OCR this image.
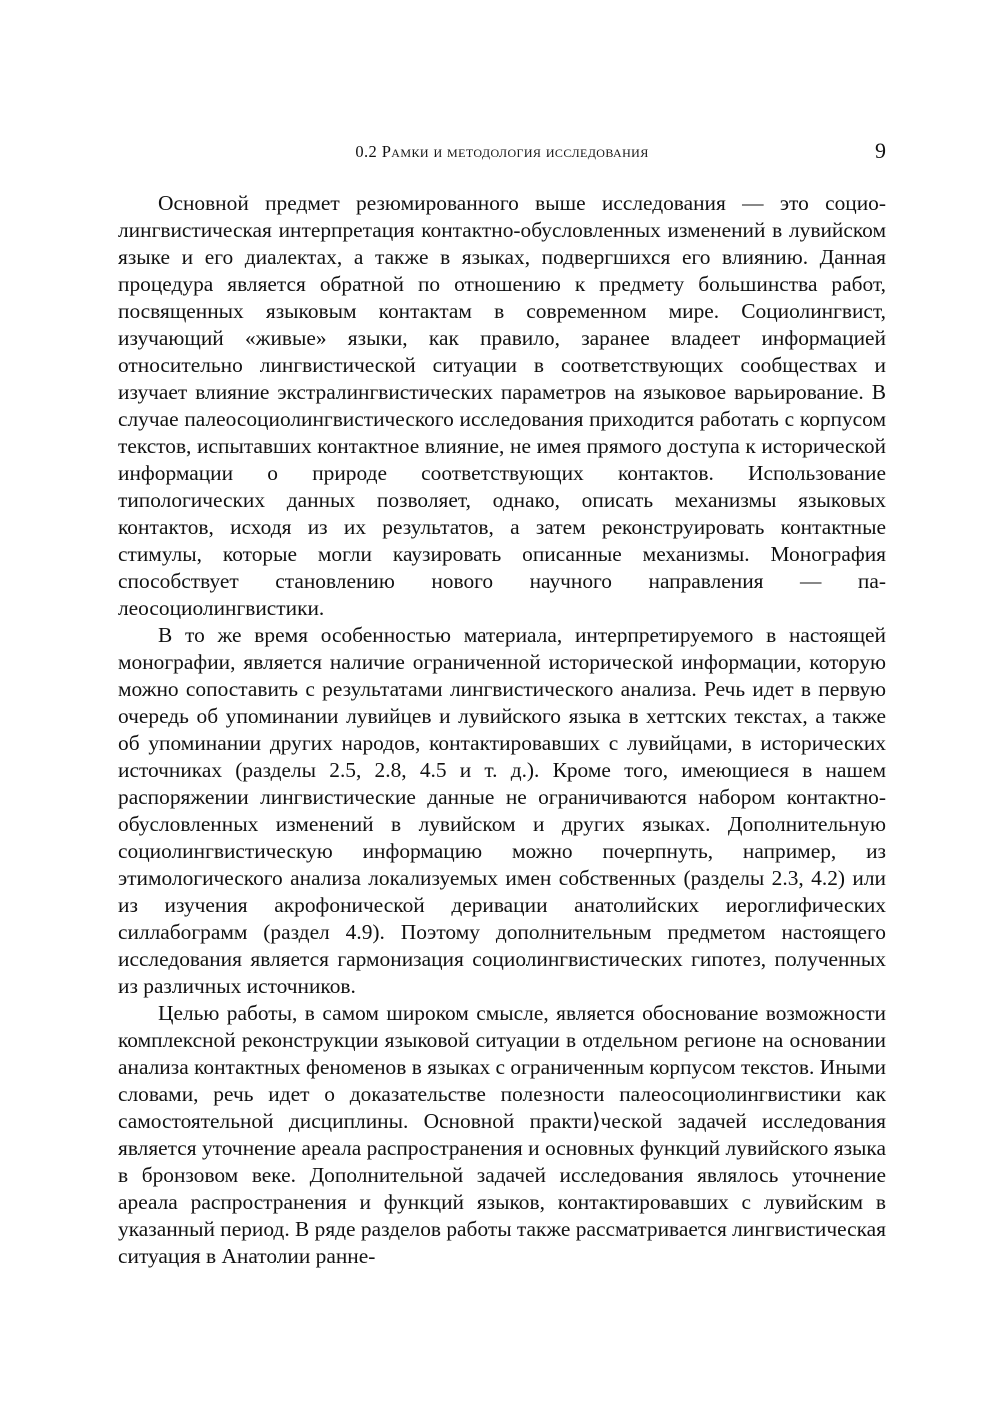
0.2 Рамки и методология исследования	9

Основной предмет резюмированного выше исследования — это социолингвистическая интерпретация контактно-обусловленных изменений в лувийском языке и его диалектах, а также в языках, подвергшихся его влиянию. Данная процедура является обратной по отношению к предмету большинства работ, посвященных языковым контактам в современном мире. Социолингвист, изучающий «живые» языки, как правило, заранее владеет информацией относительно лингвистической ситуации в соответствующих сообществах и изучает влияние экстралингвистических параметров на языковое варьирование. В случае палеосоциолингвистического исследования приходится работать с корпусом текстов, испытавших контактное влияние, не имея прямого доступа к исторической информации о природе соответствующих контактов. Использование типологических данных позволяет, однако, описать механизмы языковых контактов, исходя из их результатов, а затем реконструировать контактные стимулы, которые могли каузировать описанные механизмы. Монография способствует становлению нового научного направления — палеосоциолингвистики.

В то же время особенностью материала, интерпретируемого в настоящей монографии, является наличие ограниченной исторической информации, которую можно сопоставить с результатами лингвистического анализа. Речь идет в первую очередь об упоминании лувийцев и лувийского языка в хеттских текстах, а также об упоминании других народов, контактировавших с лувийцами, в исторических источниках (разделы 2.5, 2.8, 4.5 и т. д.). Кроме того, имеющиеся в нашем распоряжении лингвистические данные не ограничиваются набором контактно-обусловленных изменений в лувийском и других языках. Дополнительную социолингвистическую информацию можно почерпнуть, например, из этимологического анализа локализуемых имен собственных (разделы 2.3, 4.2) или из изучения акрофонической деривации анатолийских иероглифических силлабограмм (раздел 4.9). Поэтому дополнительным предметом настоящего исследования является гармонизация социолингвистических гипотез, полученных из различных источников.

Целью работы, в самом широком смысле, является обоснование возможности комплексной реконструкции языковой ситуации в отдельном регионе на основании анализа контактных феноменов в языках с ограниченным корпусом текстов. Иными словами, речь идет о доказательстве полезности палеосоциолингвистики как самостоятельной дисциплины. Основной практи⟩ческой задачей исследования является уточнение ареала распространения и основных функций лувийского языка в бронзовом веке. Дополнительной задачей исследования являлось уточнение ареала распространения и функций языков, контактировавших с лувийским в указанный период. В ряде разделов работы также рассматривается лингвистическая ситуация в Анатолии ранне-
